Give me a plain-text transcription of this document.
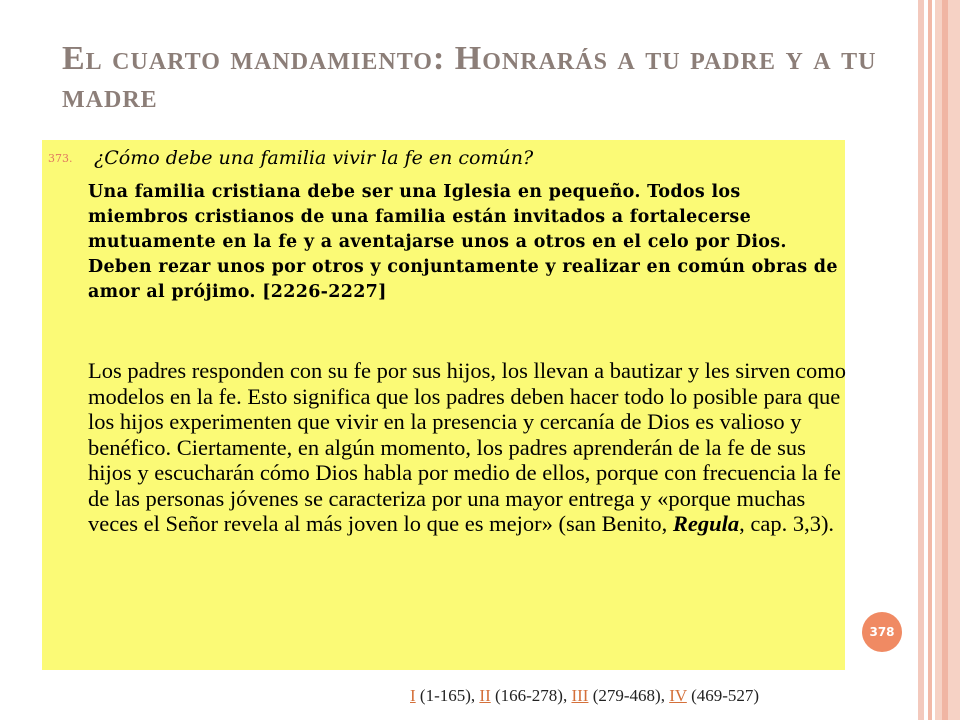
El cuarto mandamiento: Honrarás a tu padre y a tu madre
373. ¿Cómo debe una familia vivir la fe en común?

Una familia cristiana debe ser una Iglesia en pequeño. Todos los miembros cristianos de una familia están invitados a fortalecerse mutuamente en la fe y a aventajarse unos a otros en el celo por Dios. Deben rezar unos por otros y conjuntamente y realizar en común obras de amor al prójimo. [2226-2227]

Los padres responden con su fe por sus hijos, los llevan a bautizar y les sirven como modelos en la fe. Esto significa que los padres deben hacer todo lo posible para que los hijos experimenten que vivir en la presencia y cercanía de Dios es valioso y benéfico. Ciertamente, en algún momento, los padres aprenderán de la fe de sus hijos y escucharán cómo Dios habla por medio de ellos, porque con frecuencia la fe de las personas jóvenes se caracteriza por una mayor entrega y «porque muchas veces el Señor revela al más joven lo que es mejor» (san Benito, Regula, cap. 3,3).

378
I (1-165), II (166-278), III (279-468), IV (469-527)
